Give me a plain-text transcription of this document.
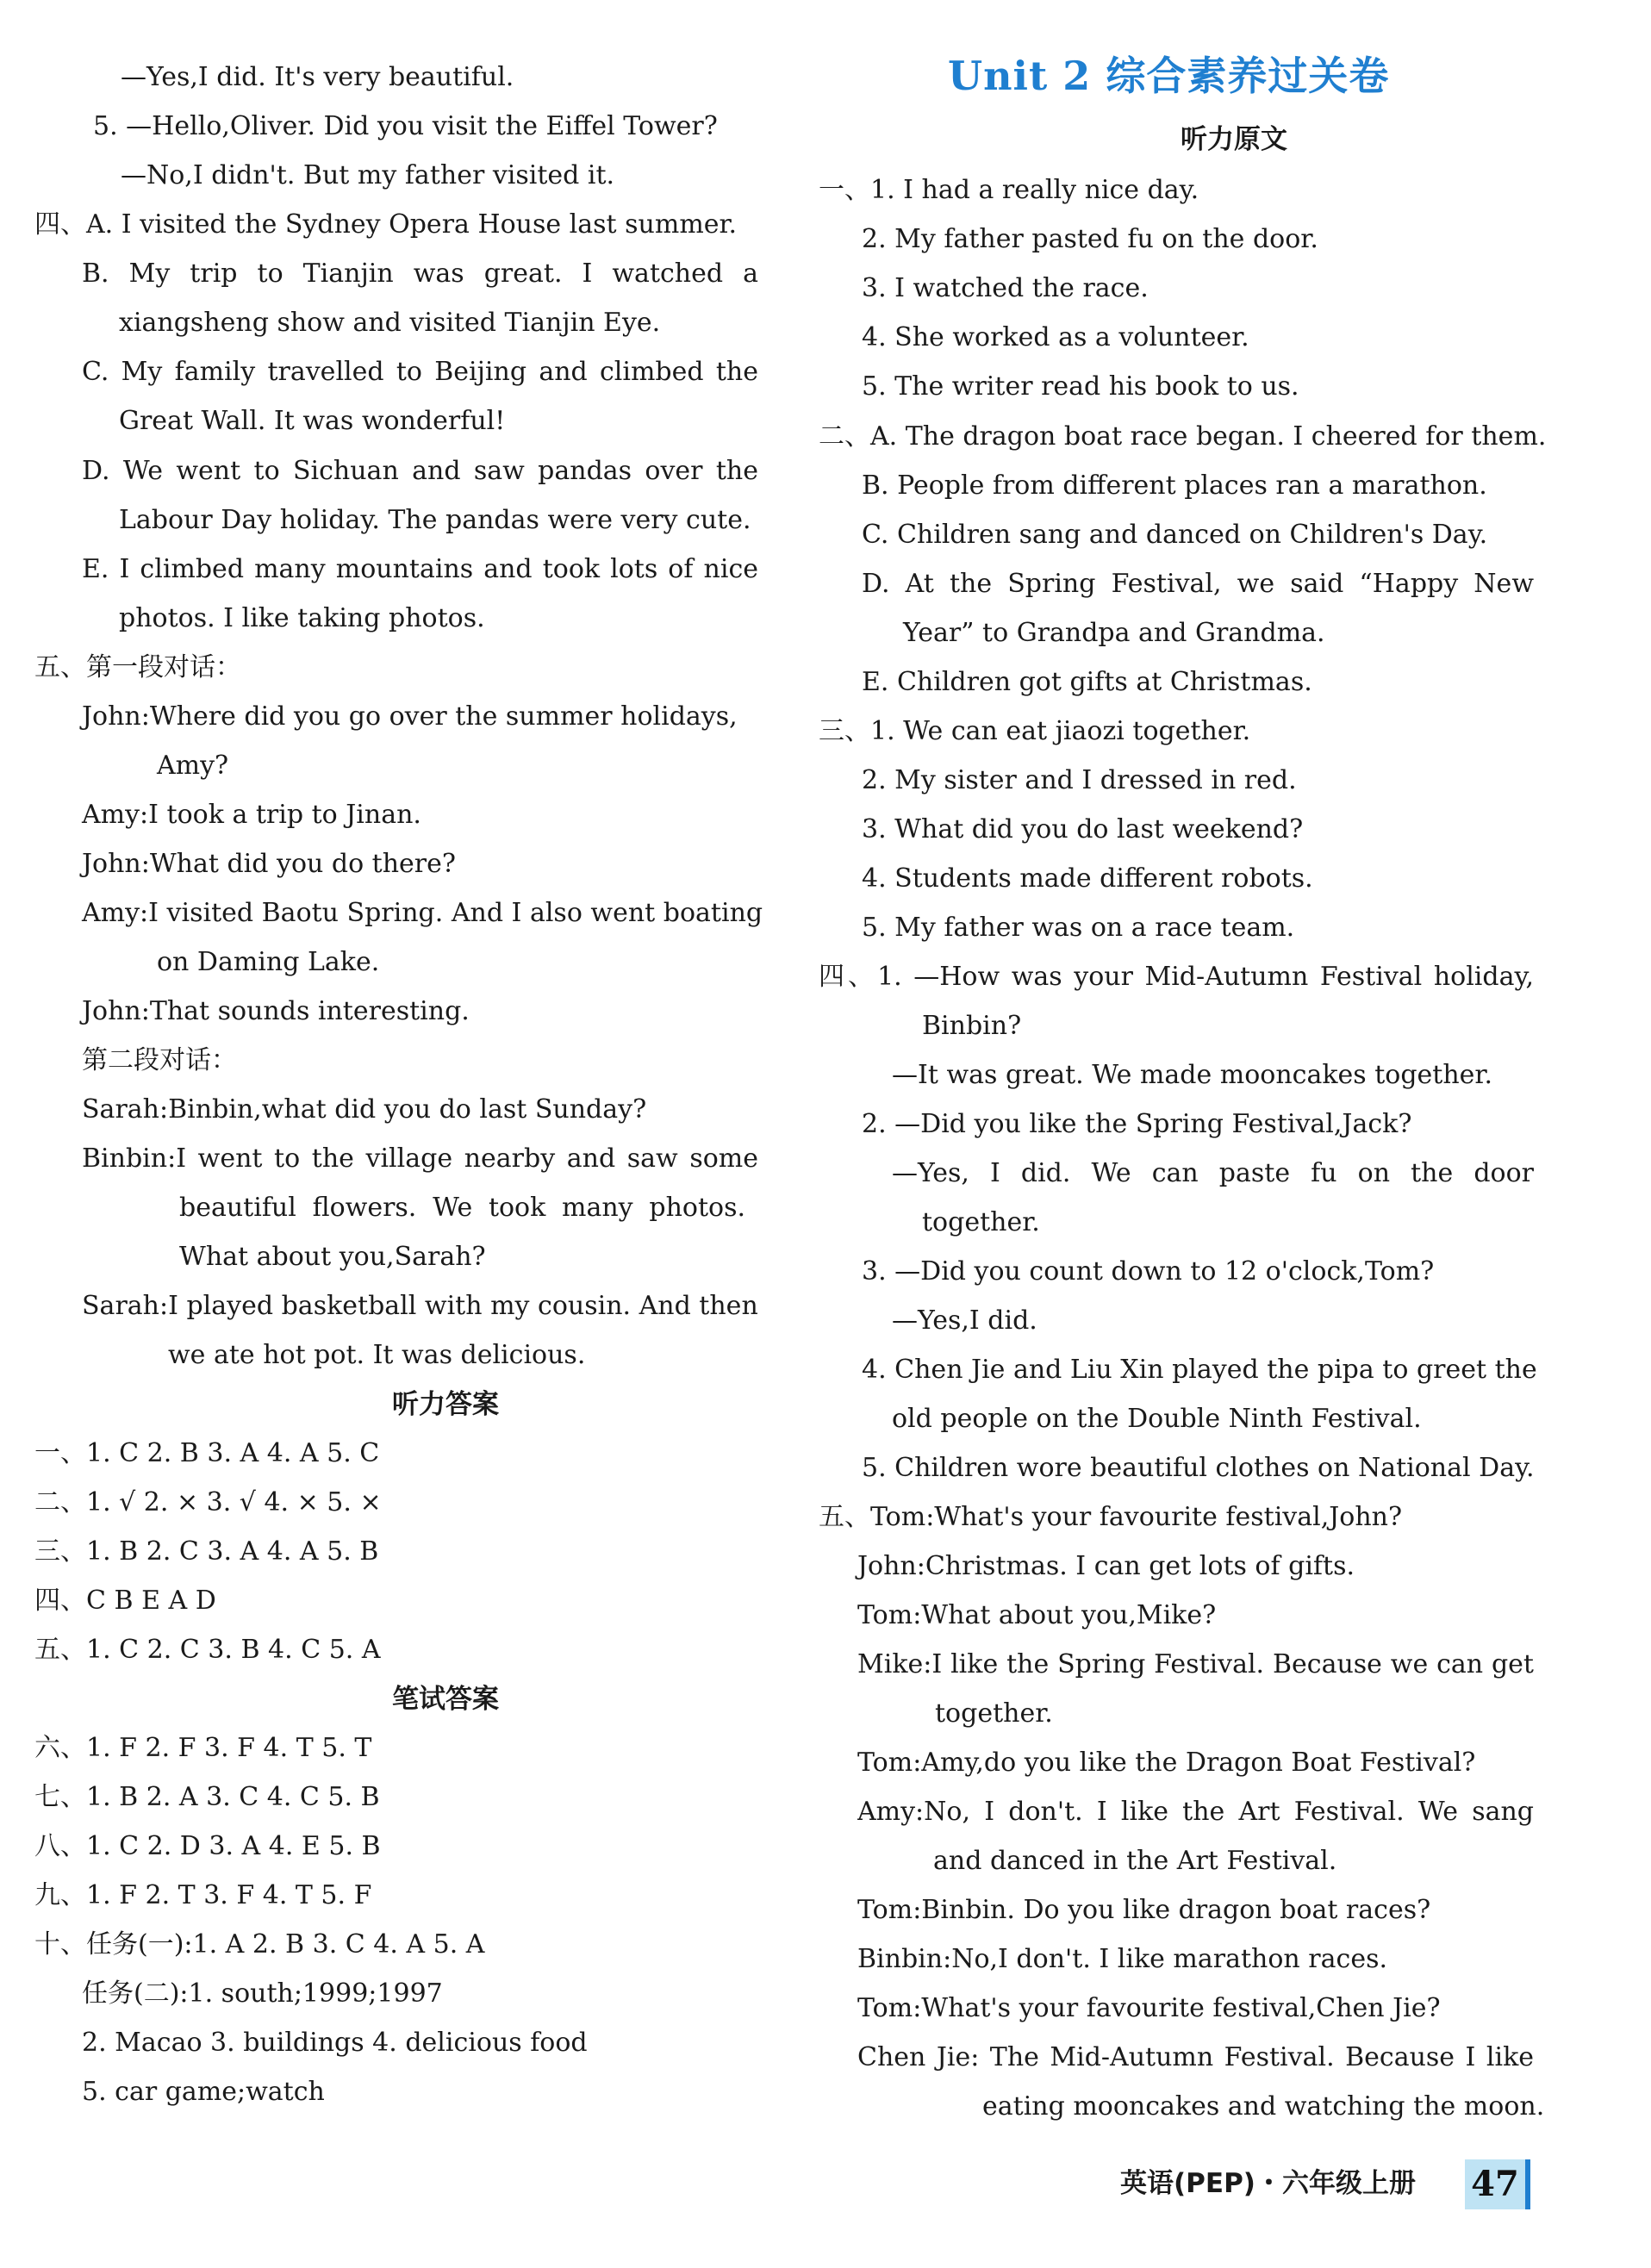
英语(PEP)・六年级上册 47
—Yes,I did. It's very beautiful.
5. —Hello,Oliver. Did you visit the Eiffel Tower?
—No,I didn't. But my father visited it.
四、A. I visited the Sydney Opera House last summer.
B. My trip to Tianjin was great. I watched a
xiangsheng show and visited Tianjin Eye.
C. My family travelled to Beijing and climbed the
Great Wall. It was wonderful!
D. We went to Sichuan and saw pandas over the
Labour Day holiday. The pandas were very cute.
E. I climbed many mountains and took lots of nice
photos. I like taking photos.
五、第一段对话：
John:Where did you go over the summer holidays,
Amy?
Amy:I took a trip to Jinan.
John:What did you do there?
Amy:I visited Baotu Spring. And I also went boating
on Daming Lake.
John:That sounds interesting.
第二段对话：
Sarah:Binbin,what did you do last Sunday?
Binbin:I went to the village nearby and saw some
beautiful flowers. We took many photos.
What about you,Sarah?
Sarah:I played basketball with my cousin. And then
we ate hot pot. It was delicious.
一、1. C 2. B 3. A 4. A 5. C
二、1. √ 2. × 3. √ 4. × 5. ×
三、1. B 2. C 3. A 4. A 5. B
四、C B E A D
五、1. C 2. C 3. B 4. C 5. A
六、1. F 2. F 3. F 4. T 5. T
七、1. B 2. A 3. C 4. C 5. B
八、1. C 2. D 3. A 4. E 5. B
九、1. F 2. T 3. F 4. T 5. F
十、任务(一):1. A 2. B 3. C 4. A 5. A
任务(二):1. south;1999;1997
2. Macao 3. buildings 4. delicious food
5. car game;watch
一、1. I had a really nice day.
2. My father pasted fu on the door.
3. I watched the race.
4. She worked as a volunteer.
5. The writer read his book to us.
二、A. The dragon boat race began. I cheered for them.
B. People from different places ran a marathon.
C. Children sang and danced on Children's Day.
D. At the Spring Festival, we said “Happy New
Year” to Grandpa and Grandma.
E. Children got gifts at Christmas.
三、1. We can eat jiaozi together.
2. My sister and I dressed in red.
3. What did you do last weekend?
4. Students made different robots.
5. My father was on a race team.
四、1. —How was your Mid-Autumn Festival holiday,
Binbin?
—It was great. We made mooncakes together.
2. —Did you like the Spring Festival,Jack?
—Yes, I did. We can paste fu on the door
together.
3. —Did you count down to 12 o'clock,Tom?
—Yes,I did.
4. Chen Jie and Liu Xin played the pipa to greet the
old people on the Double Ninth Festival.
5. Children wore beautiful clothes on National Day.
五、Tom:What's your favourite festival,John?
John:Christmas. I can get lots of gifts.
Tom:What about you,Mike?
Mike:I like the Spring Festival. Because we can get
together.
Tom:Amy,do you like the Dragon Boat Festival?
Amy:No, I don't. I like the Art Festival. We sang
and danced in the Art Festival.
Tom:Binbin. Do you like dragon boat races?
Binbin:No,I don't. I like marathon races.
Tom:What's your favourite festival,Chen Jie?
Chen Jie: The Mid-Autumn Festival. Because I like
eating mooncakes and watching the moon.
听力答案
笔试答案
听力原文
Unit 2 综合素养过关卷
